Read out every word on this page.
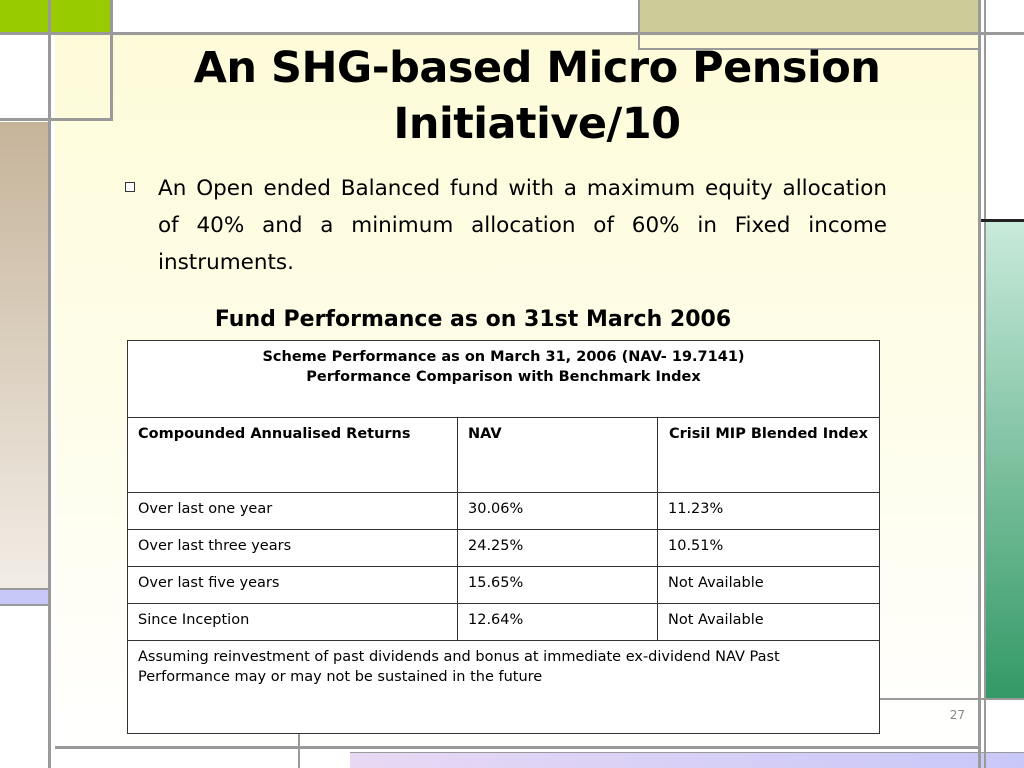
An SHG-based Micro Pension
Initiative/10
An Open ended Balanced fund with a maximum equity allocation of 40% and a minimum allocation of 60% in Fixed income instruments.
Fund Performance as on 31st March 2006
Scheme Performance as on March 31, 2006 (NAV- 19.7141)
Performance Comparison with Benchmark Index		

Compounded Annualised Returns	NAV	Crisil MIP Blended Index
Over last one year	30.06%	11.23%
Over last three years	24.25%	10.51%
Over last five years	15.65%	Not Available
Since Inception	12.64%	Not Available
Assuming reinvestment of past dividends and bonus at immediate ex-dividend NAV Past Performance may or may not be sustained in the future		
27
